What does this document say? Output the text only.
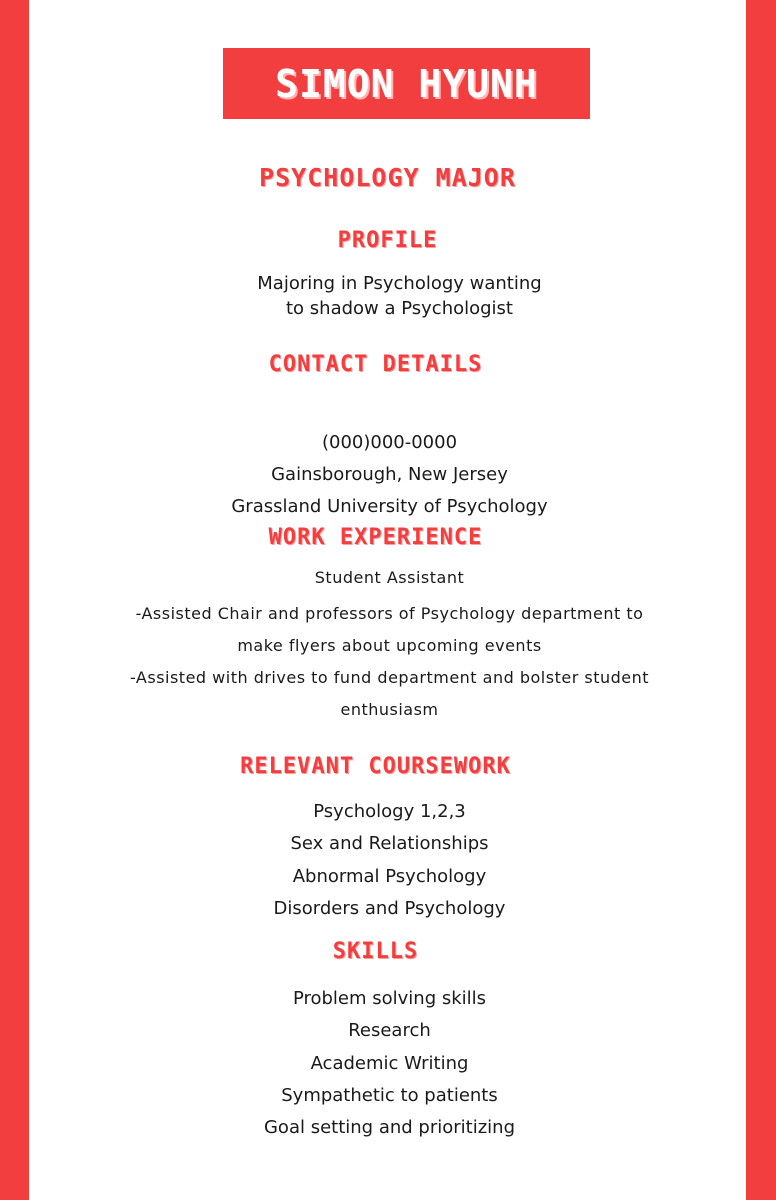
SIMON HYUNH
PSYCHOLOGY MAJOR
PROFILE
Majoring in Psychology wanting
to shadow a Psychologist
CONTACT DETAILS
(000)000-0000
Gainsborough, New Jersey
Grassland University of Psychology
WORK EXPERIENCE
Student Assistant
-Assisted Chair and professors of Psychology department to
make flyers about upcoming events
-Assisted with drives to fund department and bolster student
enthusiasm
RELEVANT COURSEWORK
Psychology 1,2,3
Sex and Relationships
Abnormal Psychology
Disorders and Psychology
SKILLS
Problem solving skills
Research
Academic Writing
Sympathetic to patients
Goal setting and prioritizing
